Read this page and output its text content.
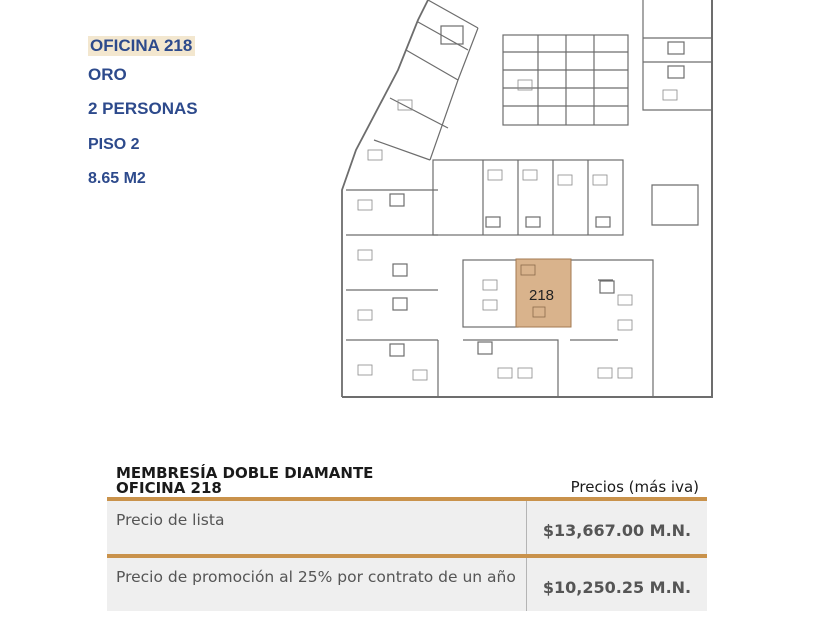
OFICINA 218
ORO
2 PERSONAS
PISO 2
8.65 M2
218
MEMBRESÍA DOBLE DIAMANTE
OFICINA 218	Precios (más iva)
Precio de lista
$13,667.00 M.N.
Precio de promoción al 25% por contrato de un año
$10,250.25 M.N.
